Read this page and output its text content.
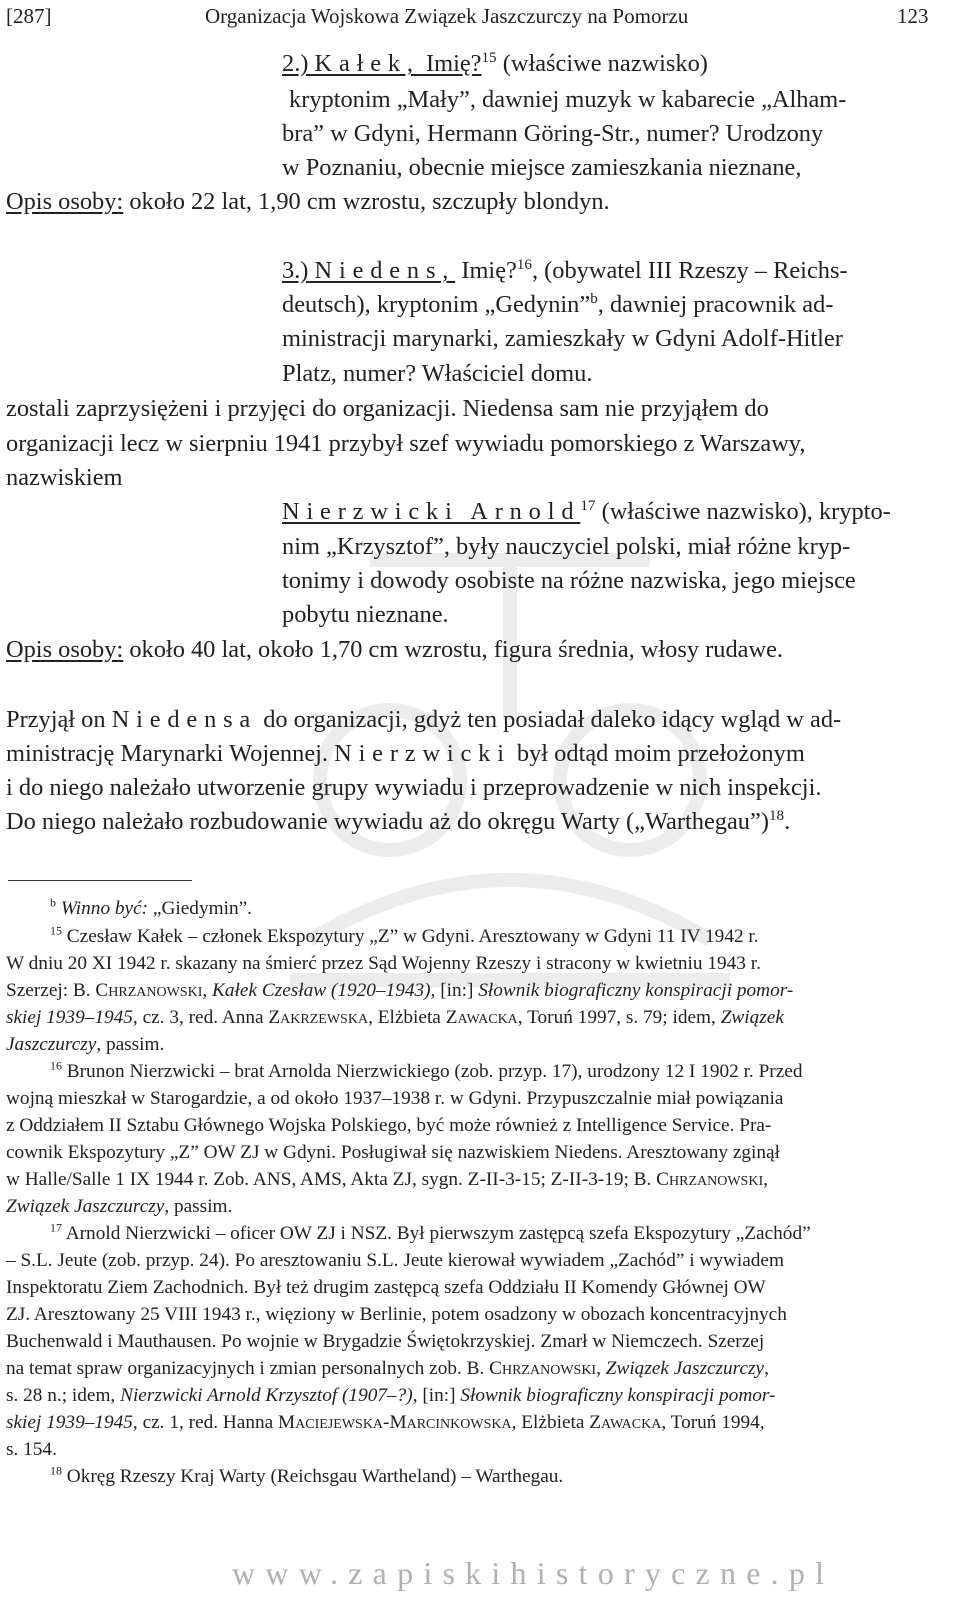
[287]	Organizacja Wojskowa Związek Jaszczurczy na Pomorzu	123
2.) Kałek, Imię?$^{15}$ (właściwe nazwisko)
kryptonim „Mały”, dawniej muzyk w kabarecie „Alham-
bra” w Gdyni, Hermann Göring-Str., numer? Urodzony
w Poznaniu, obecnie miejsce zamieszkania nieznane,
Opis osoby: około 22 lat, 1,90 cm wzrostu, szczupły blondyn.
3.) Niedens, Imię?$^{16}$, (obywatel III Rzeszy – Reichs-
deutsch), kryptonim „Gedynin”$^b$, dawniej pracownik ad-
ministracji marynarki, zamieszkały w Gdyni Adolf-Hitler
Platz, numer? Właściciel domu.
zostali zaprzysiężeni i przyjęci do organizacji. Niedensa sam nie przyjąłem do
organizacji lecz w sierpniu 1941 przybył szef wywiadu pomorskiego z Warszawy,
nazwiskiem
Nierzwicki Arnold$^{17}$ (właściwe nazwisko), krypto-
nim „Krzysztof”, były nauczyciel polski, miał różne kryp-
tonimy i dowody osobiste na różne nazwiska, jego miejsce
pobytu nieznane.
Opis osoby: około 40 lat, około 1,70 cm wzrostu, figura średnia, włosy rudawe.
Przyjął on Niedensa do organizacji, gdyż ten posiadał daleko idący wgląd w ad-
ministrację Marynarki Wojennej. Nierzwicki był odtąd moim przełożonym
i do niego należało utworzenie grupy wywiadu i przeprowadzenie w nich inspekcji.
Do niego należało rozbudowanie wywiadu aż do okręgu Warty („Warthegau”)$^{18}$.
$^b$ Winno być: „Giedymin”.
$^{15}$ Czesław Kałek – członek Ekspozytury „Z” w Gdyni. Aresztowany w Gdyni 11 IV 1942 r.
W dniu 20 XI 1942 r. skazany na śmierć przez Sąd Wojenny Rzeszy i stracony w kwietniu 1943 r.
Szerzej: B. Chrzanowski, Kałek Czesław (1920–1943), [in:] Słownik biograficzny konspiracji pomor-
skiej 1939–1945, cz. 3, red. Anna Zakrzewska, Elżbieta Zawacka, Toruń 1997, s. 79; idem, Związek
Jaszczurczy, passim.
$^{16}$ Brunon Nierzwicki – brat Arnolda Nierzwickiego (zob. przyp. 17), urodzony 12 I 1902 r. Przed
wojną mieszkał w Starogardzie, a od około 1937–1938 r. w Gdyni. Przypuszczalnie miał powiązania
z Oddziałem II Sztabu Głównego Wojska Polskiego, być może również z Intelligence Service. Pra-
cownik Ekspozytury „Z” OW ZJ w Gdyni. Posługiwał się nazwiskiem Niedens. Aresztowany zginął
w Halle/Salle 1 IX 1944 r. Zob. ANS, AMS, Akta ZJ, sygn. Z-II-3-15; Z-II-3-19; B. Chrzanowski,
Związek Jaszczurczy, passim.
$^{17}$ Arnold Nierzwicki – oficer OW ZJ i NSZ. Był pierwszym zastępcą szefa Ekspozytury „Zachód”
– S.L. Jeute (zob. przyp. 24). Po aresztowaniu S.L. Jeute kierował wywiadem „Zachód” i wywiadem
Inspektoratu Ziem Zachodnich. Był też drugim zastępcą szefa Oddziału II Komendy Głównej OW
ZJ. Aresztowany 25 VIII 1943 r., więziony w Berlinie, potem osadzony w obozach koncentracyjnych
Buchenwald i Mauthausen. Po wojnie w Brygadzie Świętokrzyskiej. Zmarł w Niemczech. Szerzej
na temat spraw organizacyjnych i zmian personalnych zob. B. Chrzanowski, Związek Jaszczurczy,
s. 28 n.; idem, Nierzwicki Arnold Krzysztof (1907–?), [in:] Słownik biograficzny konspiracji pomor-
skiej 1939–1945, cz. 1, red. Hanna Maciejewska-Marcinkowska, Elżbieta Zawacka, Toruń 1994,
s. 154.
$^{18}$ Okręg Rzeszy Kraj Warty (Reichsgau Wartheland) – Warthegau.
www.zapiskihistoryczne.pl
